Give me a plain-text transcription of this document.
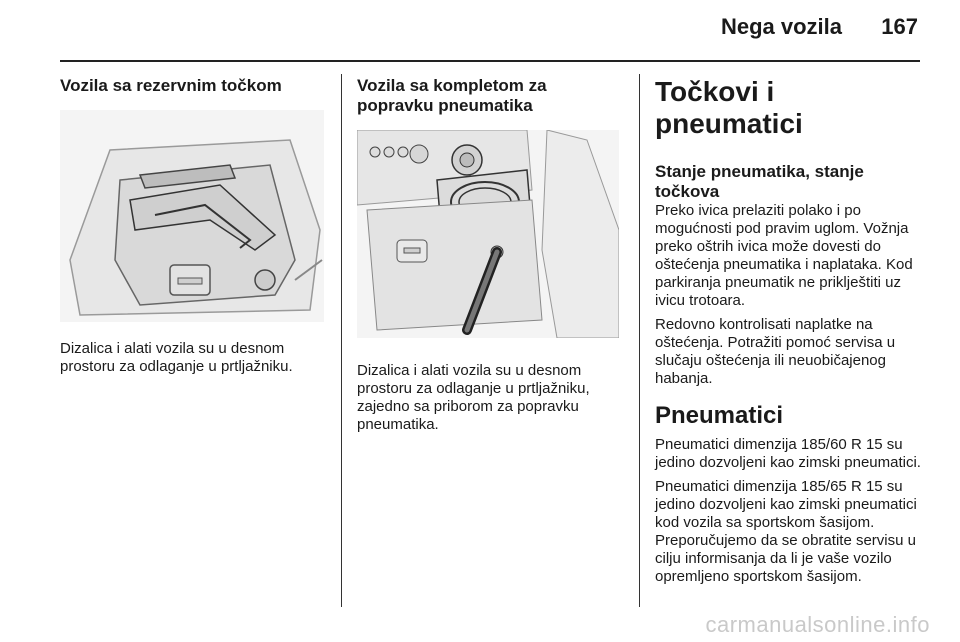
Nega vozila 167
Vozila sa rezervnim točkom

Dizalica i alati vozila su u desnom prostoru za odlaganje u prtljažniku.

Vozila sa kompletom za popravku pneumatika

Dizalica i alati vozila su u desnom prostoru za odlaganje u prtljažniku, zajedno sa priborom za popravku pneumatika.

Točkovi i pneumatici
Stanje pneumatika, stanje točkova

Preko ivica prelaziti polako i po mogućnosti pod pravim uglom. Vožnja preko oštrih ivica može dovesti do oštećenja pneumatika i naplataka. Kod parkiranja pneumatik ne priklještiti uz ivicu trotoara.

Redovno kontrolisati naplatke na oštećenja. Potražiti pomoć servisa u slučaju oštećenja ili neuobičajenog habanja.

Pneumatici

Pneumatici dimenzija 185/60 R 15 su jedino dozvoljeni kao zimski pneumatici.

Pneumatici dimenzija 185/65 R 15 su jedino dozvoljeni kao zimski pneumatici kod vozila sa sportskom šasijom. Preporučujemo da se obratite servisu u cilju informisanja da li je vaše vozilo opremljeno sportskom šasijom.

carmanualsonline.info
